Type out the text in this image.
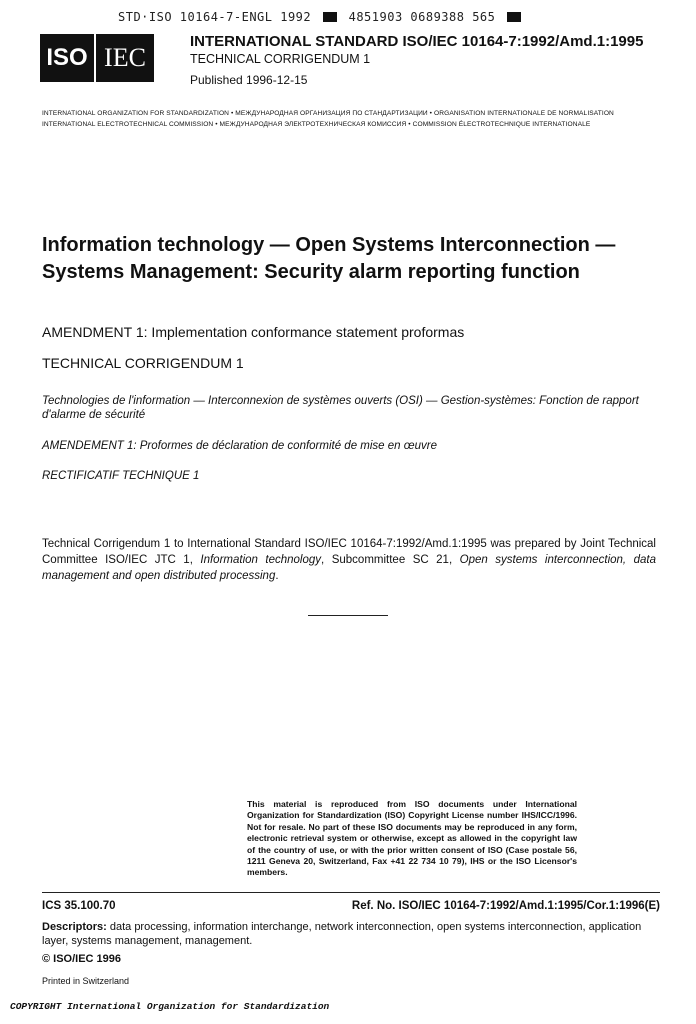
STD·ISO 10164-7-ENGL 1992	4851903 0689388 565
ISO IEC
INTERNATIONAL STANDARD ISO/IEC 10164-7:1992/Amd.1:1995
TECHNICAL CORRIGENDUM 1
Published 1996-12-15
INTERNATIONAL ORGANIZATION FOR STANDARDIZATION • МЕЖДУНАРОДНАЯ ОРГАНИЗАЦИЯ ПО СТАНДАРТИЗАЦИИ • ORGANISATION INTERNATIONALE DE NORMALISATION
INTERNATIONAL ELECTROTECHNICAL COMMISSION • МЕЖДУНАРОДНАЯ ЭЛЕКТРОТЕХНИЧЕСКАЯ КОМИССИЯ • COMMISSION ÉLECTROTECHNIQUE INTERNATIONALE
Information technology — Open Systems Interconnection — Systems Management: Security alarm reporting function
AMENDMENT 1: Implementation conformance statement proformas
TECHNICAL CORRIGENDUM 1
Technologies de l'information — Interconnexion de systèmes ouverts (OSI) — Gestion-systèmes: Fonction de rapport d'alarme de sécurité
AMENDEMENT 1: Proformes de déclaration de conformité de mise en œuvre
RECTIFICATIF TECHNIQUE 1
Technical Corrigendum 1 to International Standard ISO/IEC 10164-7:1992/Amd.1:1995 was prepared by Joint Technical Committee ISO/IEC JTC 1, Information technology, Subcommittee SC 21, Open systems interconnection, data management and open distributed processing.
This material is reproduced from ISO documents under International Organization for Standardization (ISO) Copyright License number IHS/ICC/1996. Not for resale. No part of these ISO documents may be reproduced in any form, electronic retrieval system or otherwise, except as allowed in the copyright law of the country of use, or with the prior written consent of ISO (Case postale 56, 1211 Geneva 20, Switzerland, Fax +41 22 734 10 79), IHS or the ISO Licensor's members.
ICS 35.100.70	Ref. No. ISO/IEC 10164-7:1992/Amd.1:1995/Cor.1:1996(E)
Descriptors: data processing, information interchange, network interconnection, open systems interconnection, application layer, systems management, management.
© ISO/IEC 1996
Printed in Switzerland
COPYRIGHT International Organization for Standardization
